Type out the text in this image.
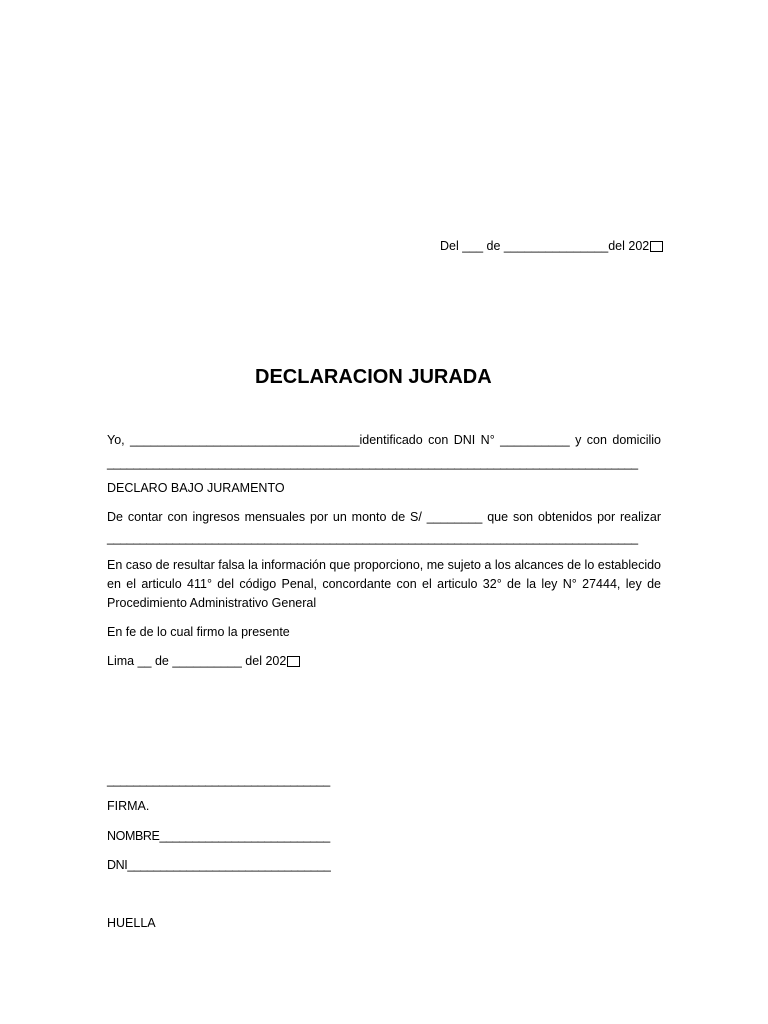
Del ___ de _______________del 202
DECLARACION JURADA
Yo, _________________________________identificado con DNI N° __________ y con domicilio
_________________________________________________________________________________
DECLARO BAJO JURAMENTO
De contar con ingresos mensuales por un monto de S/ ________ que son obtenidos por realizar
_________________________________________________________________________________
En caso de resultar falsa la información que proporciono, me sujeto a los alcances de lo establecido
en el articulo 411° del código Penal, concordante con el articulo 32° de la ley N° 27444, ley de
Procedimiento Administrativo General
En fe de lo cual firmo la presente
Lima __ de __________ del 202
__________________________________
FIRMA.
NOMBRE__________________________
DNI_______________________________
HUELLA
